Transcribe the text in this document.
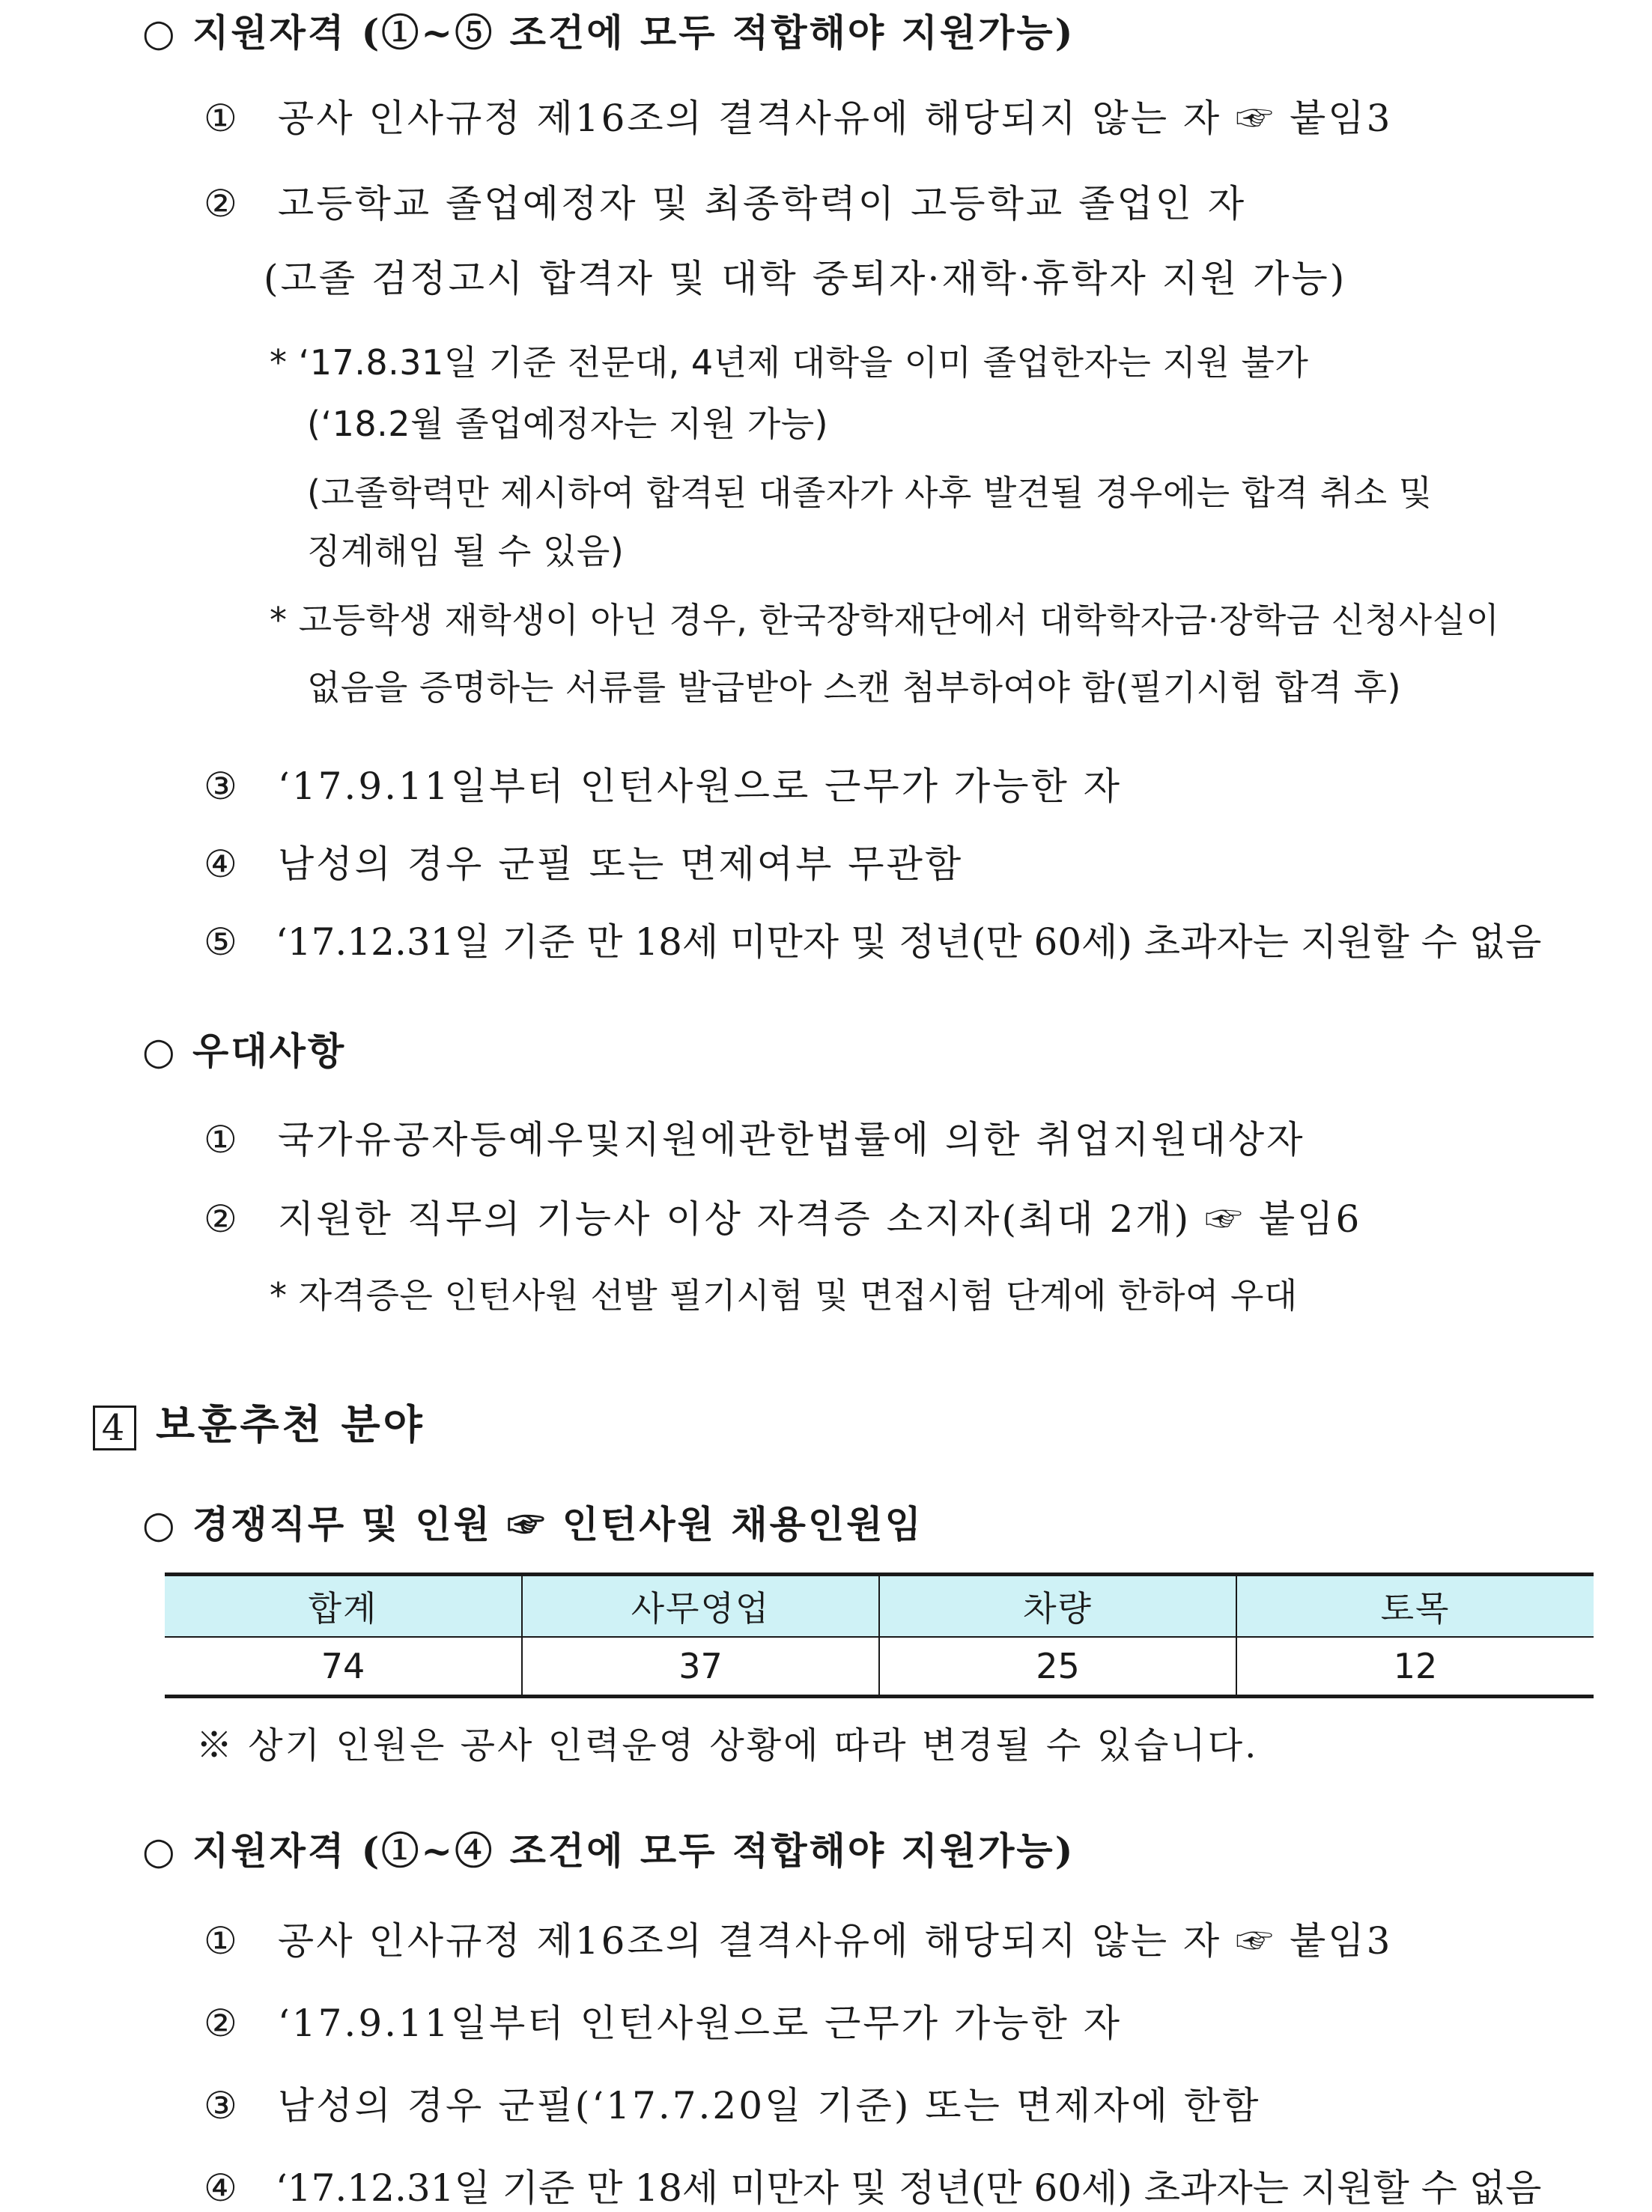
○ 지원자격 (①~⑤ 조건에 모두 적합해야 지원가능)
① 공사 인사규정 제16조의 결격사유에 해당되지 않는 자 ☞ 붙임3
② 고등학교 졸업예정자 및 최종학력이 고등학교 졸업인 자
(고졸 검정고시 합격자 및 대학 중퇴자·재학·휴학자 지원 가능)
* ‘17.8.31일 기준 전문대, 4년제 대학을 이미 졸업한자는 지원 불가
(‘18.2월 졸업예정자는 지원 가능)
(고졸학력만 제시하여 합격된 대졸자가 사후 발견될 경우에는 합격 취소 및
징계해임 될 수 있음)
* 고등학생 재학생이 아닌 경우, 한국장학재단에서 대학학자금·장학금 신청사실이
없음을 증명하는 서류를 발급받아 스캔 첨부하여야 함(필기시험 합격 후)
③ ‘17.9.11일부터 인턴사원으로 근무가 가능한 자
④ 남성의 경우 군필 또는 면제여부 무관함
⑤ ‘17.12.31일 기준 만 18세 미만자 및 정년(만 60세) 초과자는 지원할 수 없음
○ 우대사항
① 국가유공자등예우및지원에관한법률에 의한 취업지원대상자
② 지원한 직무의 기능사 이상 자격증 소지자(최대 2개) ☞ 붙임6
* 자격증은 인턴사원 선발 필기시험 및 면접시험 단계에 한하여 우대
4 보훈추천 분야
○ 경쟁직무 및 인원 ☞ 인턴사원 채용인원임
합계	사무영업	차량	토목
74	37	25	12
※ 상기 인원은 공사 인력운영 상황에 따라 변경될 수 있습니다.
○ 지원자격 (①~④ 조건에 모두 적합해야 지원가능)
① 공사 인사규정 제16조의 결격사유에 해당되지 않는 자 ☞ 붙임3
② ‘17.9.11일부터 인턴사원으로 근무가 가능한 자
③ 남성의 경우 군필(‘17.7.20일 기준) 또는 면제자에 한함
④ ‘17.12.31일 기준 만 18세 미만자 및 정년(만 60세) 초과자는 지원할 수 없음
